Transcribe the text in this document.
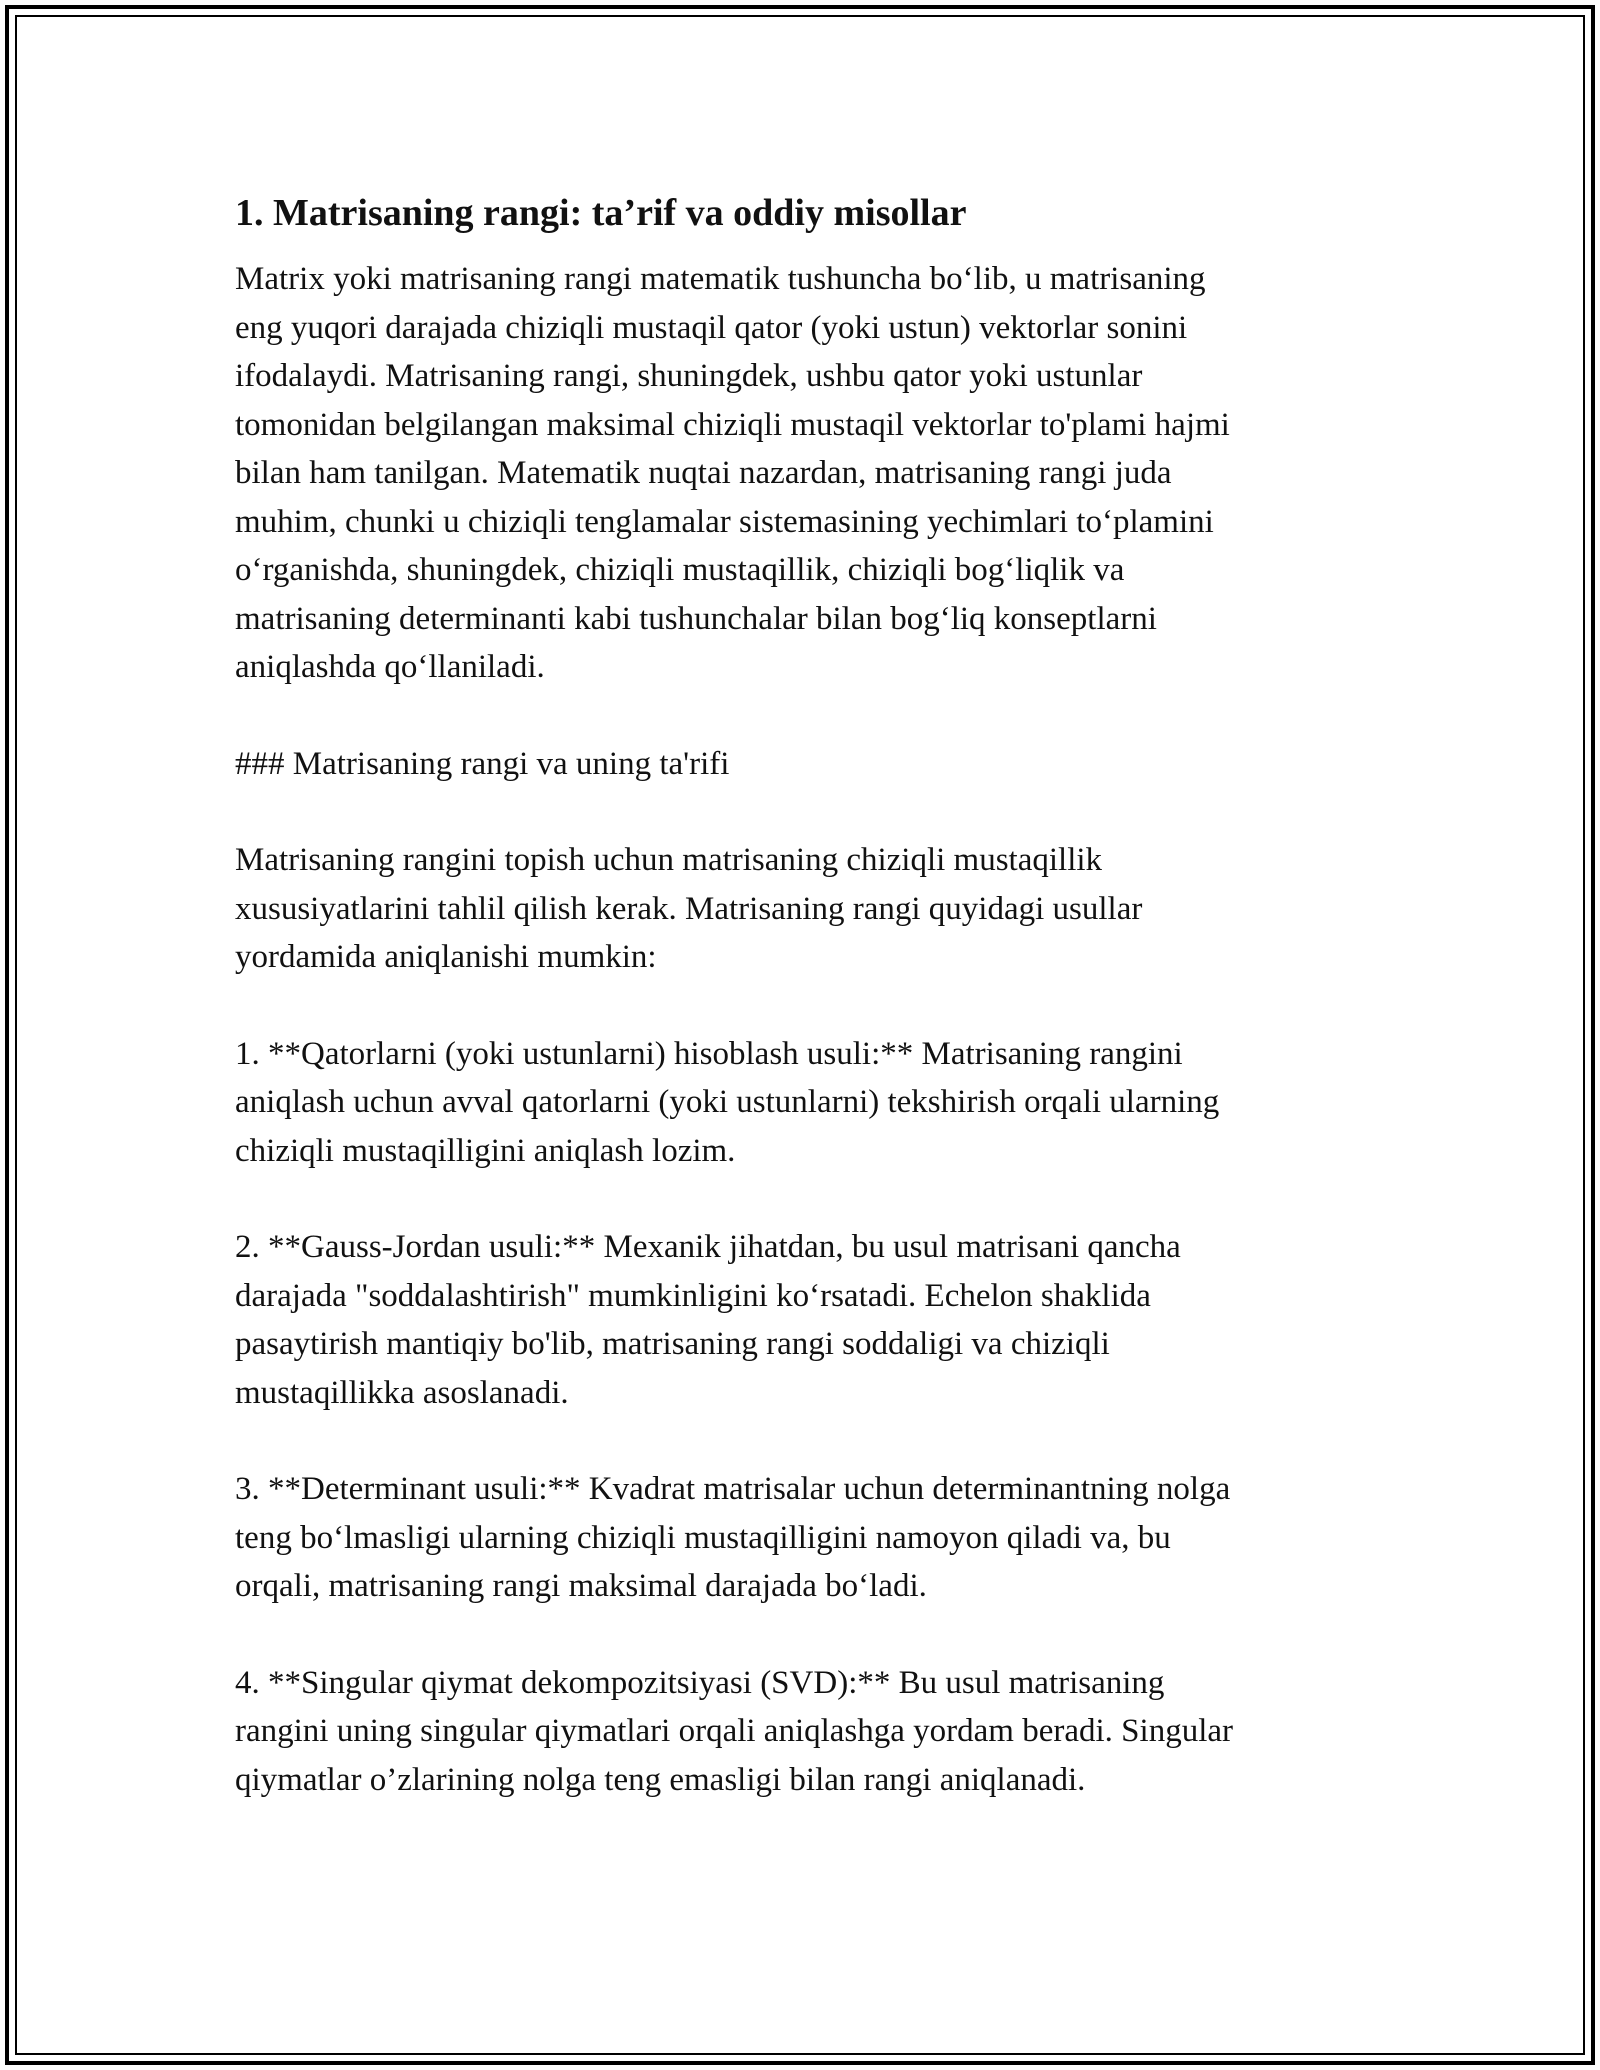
1. Matrisaning rangi: ta’rif va oddiy misollar

Matrix yoki matrisaning rangi matematik tushuncha bo‘lib, u matrisaning
eng yuqori darajada chiziqli mustaqil qator (yoki ustun) vektorlar sonini
ifodalaydi. Matrisaning rangi, shuningdek, ushbu qator yoki ustunlar
tomonidan belgilangan maksimal chiziqli mustaqil vektorlar to'plami hajmi
bilan ham tanilgan. Matematik nuqtai nazardan, matrisaning rangi juda
muhim, chunki u chiziqli tenglamalar sistemasining yechimlari to‘plamini
o‘rganishda, shuningdek, chiziqli mustaqillik, chiziqli bog‘liqlik va
matrisaning determinanti kabi tushunchalar bilan bog‘liq konseptlarni
aniqlashda qo‘llaniladi.

### Matrisaning rangi va uning ta'rifi

Matrisaning rangini topish uchun matrisaning chiziqli mustaqillik
xususiyatlarini tahlil qilish kerak. Matrisaning rangi quyidagi usullar
yordamida aniqlanishi mumkin:

1. **Qatorlarni (yoki ustunlarni) hisoblash usuli:** Matrisaning rangini
aniqlash uchun avval qatorlarni (yoki ustunlarni) tekshirish orqali ularning
chiziqli mustaqilligini aniqlash lozim.

2. **Gauss-Jordan usuli:** Mexanik jihatdan, bu usul matrisani qancha
darajada "soddalashtirish" mumkinligini ko‘rsatadi. Echelon shaklida
pasaytirish mantiqiy bo'lib, matrisaning rangi soddaligi va chiziqli
mustaqillikka asoslanadi.

3. **Determinant usuli:** Kvadrat matrisalar uchun determinantning nolga
teng bo‘lmasligi ularning chiziqli mustaqilligini namoyon qiladi va, bu
orqali, matrisaning rangi maksimal darajada bo‘ladi.

4. **Singular qiymat dekompozitsiyasi (SVD):** Bu usul matrisaning
rangini uning singular qiymatlari orqali aniqlashga yordam beradi. Singular
qiymatlar o’zlarining nolga teng emasligi bilan rangi aniqlanadi.
